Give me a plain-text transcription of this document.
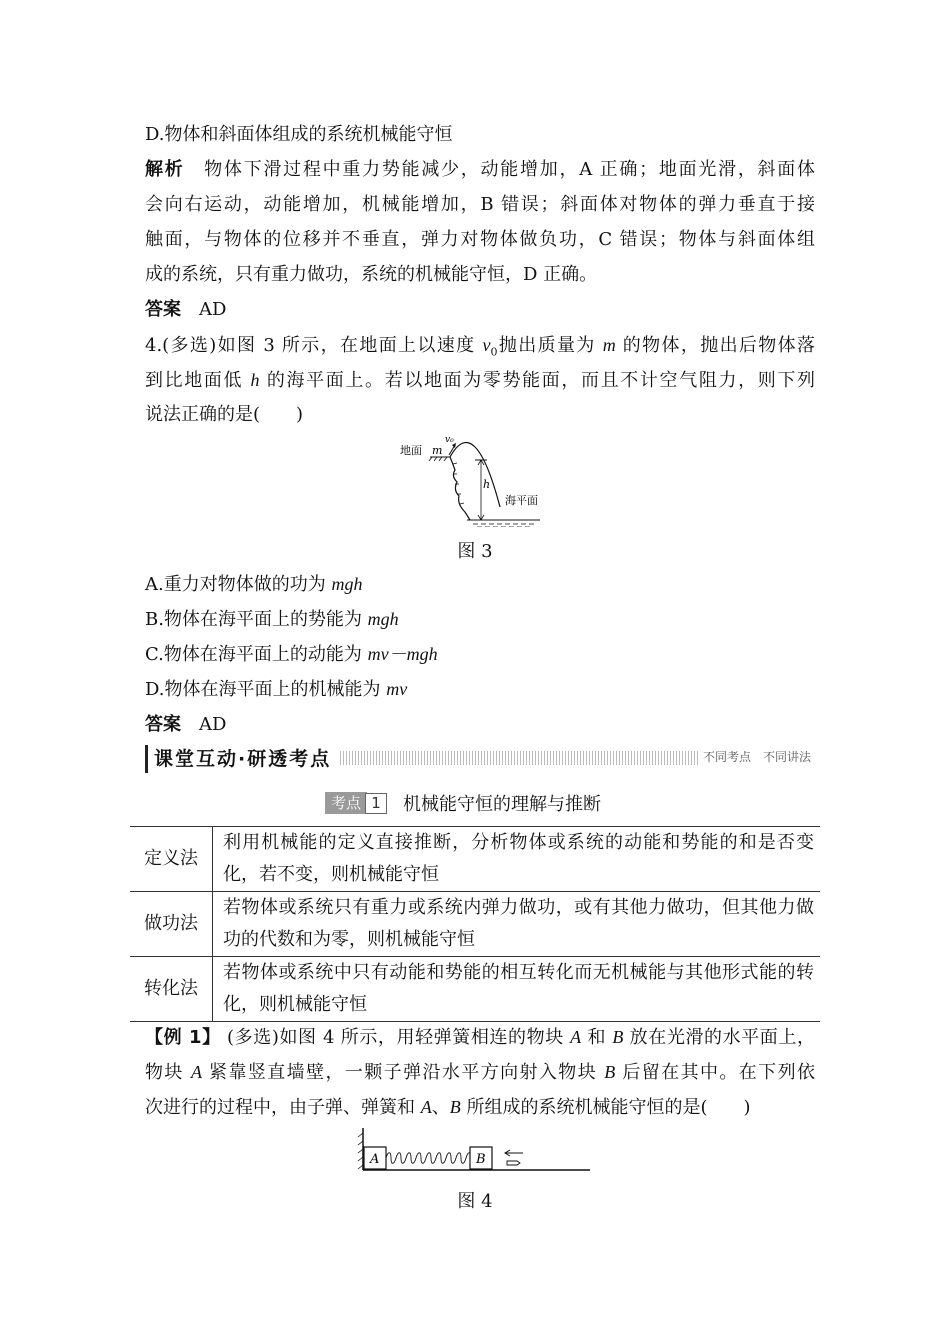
D.物体和斜面体组成的系统机械能守恒
解析　 物体下滑过程中重力势能减少，动能增加，A 正确；地面光滑，斜面体
会向右运动，动能增加，机械能增加，B 错误；斜面体对物体的弹力垂直于接
触面，与物体的位移并不垂直，弹力对物体做负功，C 错误；物体与斜面体组
成的系统，只有重力做功，系统的机械能守恒，D 正确。
答案　 AD
4.(多选)如图 3 所示，在地面上以速度 $v_0$抛出质量为 m 的物体，抛出后物体落
到比地面低 h 的海平面上。若以地面为零势能面，而且不计空气阻力，则下列
说法正确的是(　　)
地面 m
v₀
h
海平面
图 3
A.重力对物体做的功为 mgh
B.物体在海平面上的势能为 mgh
C.物体在海平面上的动能为 mv－mgh
D.物体在海平面上的机械能为 mv
答案　 AD
课堂互动·研透考点	不同考点　不同讲法
考点 1 机械能守恒的理解与推断
定义法	利用机械能的定义直接推断，分析物体或系统的动能和势能的和是否变化，若不变，则机械能守恒
做功法	若物体或系统只有重力或系统内弹力做功，或有其他力做功，但其他力做功的代数和为零，则机械能守恒
转化法	若物体或系统中只有动能和势能的相互转化而无机械能与其他形式能的转化，则机械能守恒
【例 1】 (多选)如图 4 所示，用轻弹簧相连的物块 A 和 B 放在光滑的水平面上，
物块 A 紧靠竖直墙壁，一颗子弹沿水平方向射入物块 B 后留在其中。在下列依
次进行的过程中，由子弹、弹簧和 A、B 所组成的系统机械能守恒的是(　　)
A	B
图 4
